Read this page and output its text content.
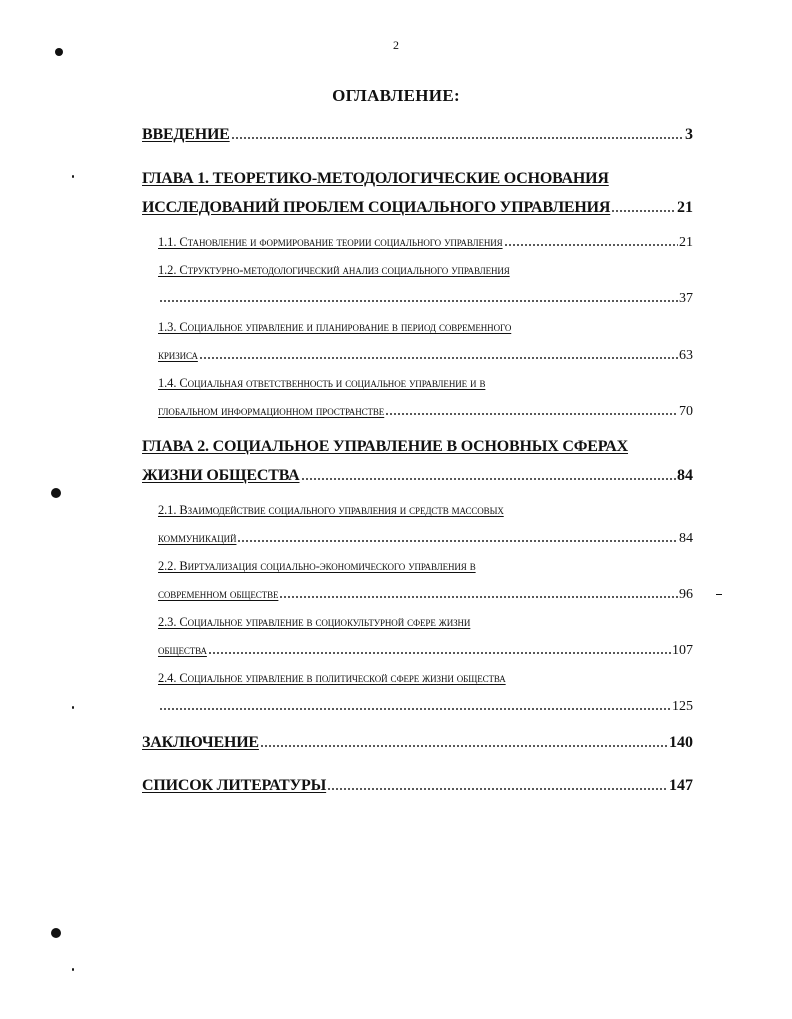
2
ОГЛАВЛЕНИЕ:
ВВЕДЕНИЕ	3
ГЛАВА 1. ТЕОРЕТИКО-МЕТОДОЛОГИЧЕСКИЕ ОСНОВАНИЯ
ИССЛЕДОВАНИЙ ПРОБЛЕМ СОЦИАЛЬНОГО УПРАВЛЕНИЯ	21
1.1. Становление и формирование теории социального управления	21
1.2. Структурно-методологический анализ социального управления
37
1.3. Социальное управление и планирование в период современного
кризиса	63
1.4. Социальная ответственность и социальное управление и в
глобальном информационном пространстве	70
ГЛАВА 2. СОЦИАЛЬНОЕ УПРАВЛЕНИЕ В ОСНОВНЫХ СФЕРАХ
ЖИЗНИ ОБЩЕСТВА	84
2.1. Взаимодействие социального управления и средств массовых
коммуникаций	84
2.2. Виртуализация социально-экономического управления в
современном обществе	96
2.3. Социальное управление в социокультурной сфере жизни
общества	107
2.4. Социальное управление в политической сфере жизни общества
125
ЗАКЛЮЧЕНИЕ	140
СПИСОК ЛИТЕРАТУРЫ	147
